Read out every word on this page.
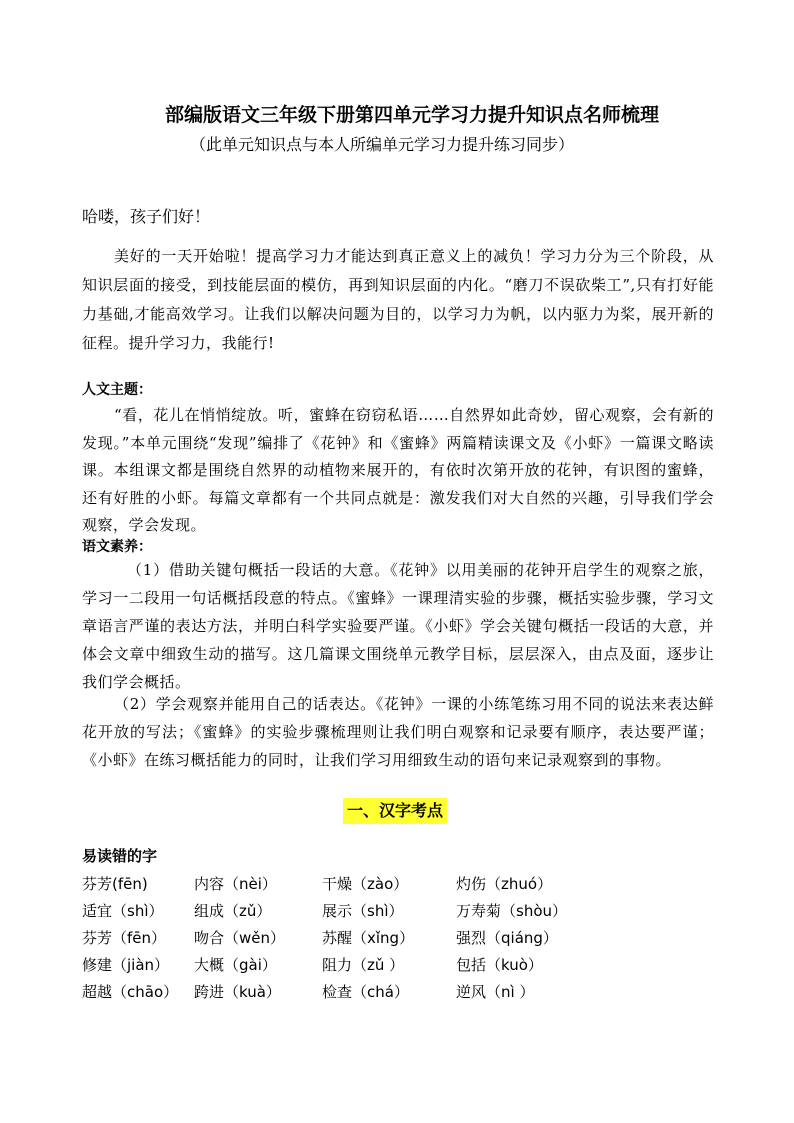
部编版语文三年级下册第四单元学习力提升知识点名师梳理
（此单元知识点与本人所编单元学习力提升练习同步）
哈喽，孩子们好！
美好的一天开始啦！提高学习力才能达到真正意义上的减负！学习力分为三个阶段，从知识层面的接受，到技能层面的模仿，再到知识层面的内化。“磨刀不误砍柴工”,只有打好能力基础,才能高效学习。让我们以解决问题为目的，以学习力为帆，以内驱力为桨，展开新的征程。提升学习力，我能行!
人文主题：
“看，花儿在悄悄绽放。听，蜜蜂在窃窃私语……自然界如此奇妙，留心观察，会有新的发现。”本单元围绕“发现”编排了《花钟》和《蜜蜂》两篇精读课文及《小虾》一篇课文略读课。本组课文都是围绕自然界的动植物来展开的，有依时次第开放的花钟，有识图的蜜蜂，还有好胜的小虾。每篇文章都有一个共同点就是：激发我们对大自然的兴趣，引导我们学会观察，学会发现。
语文素养：
（1）借助关键句概括一段话的大意。《花钟》以用美丽的花钟开启学生的观察之旅，学习一二段用一句话概括段意的特点。《蜜蜂》一课理清实验的步骤，概括实验步骤，学习文章语言严谨的表达方法，并明白科学实验要严谨。《小虾》学会关键句概括一段话的大意，并体会文章中细致生动的描写。这几篇课文围绕单元教学目标，层层深入，由点及面，逐步让我们学会概括。
（2）学会观察并能用自己的话表达。《花钟》一课的小练笔练习用不同的说法来表达鲜花开放的写法；《蜜蜂》的实验步骤梳理则让我们明白观察和记录要有顺序，表达要严谨；《小虾》在练习概括能力的同时，让我们学习用细致生动的语句来记录观察到的事物。
一、汉字考点
易读错的字
芬芳(fēn)	内容（nèi）	干燥（zào）	灼伤（zhuó）
适宜（shì） 组成（zǔ）	展示（shì）	万寿菊（shòu）
芬芳（fēn） 吻合（wěn） 苏醒（xǐng）	强烈（qiáng）
修建（jiàn） 大概（gài）	阻力（zǔ ）	包括（kuò）
超越（chāo） 跨进（kuà）	检查（chá）	逆风（nì ）
